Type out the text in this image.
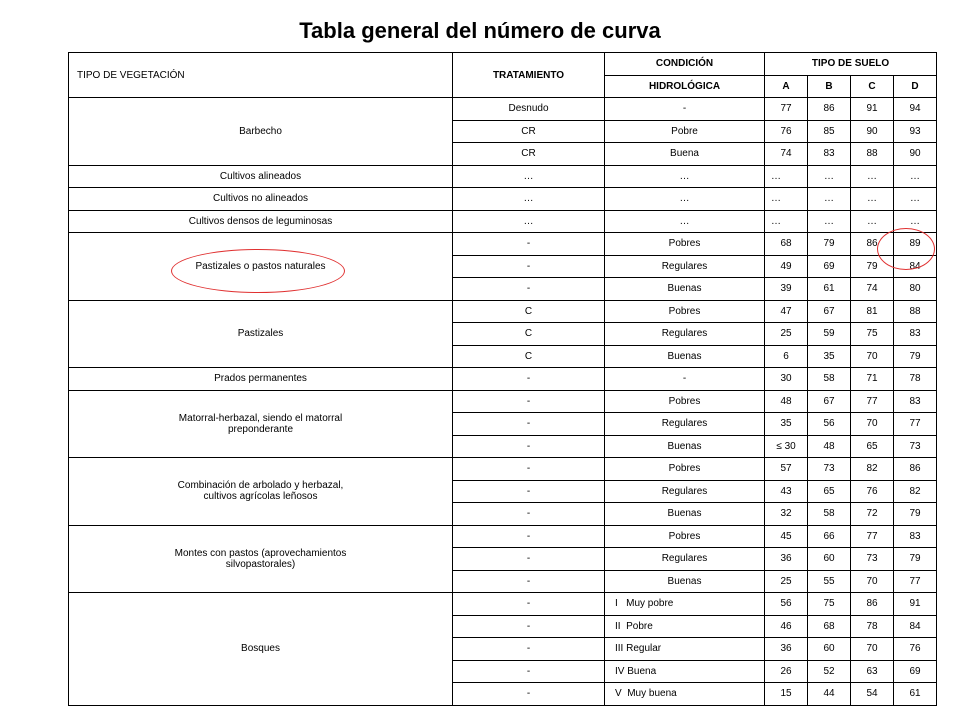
Tabla general del número de curva
TIPO DE VEGETACIÓN	TRATAMIENTO	CONDICIÓN	TIPO DE SUELO			
		HIDROLÓGICA	A	B	C	D
Barbecho	Desnudo	-	77	86	91	94
	CR	Pobre	76	85	90	93
	CR	Buena	74	83	88	90
Cultivos alineados	…	…	…	…	…	…
Cultivos no alineados	…	…	…	…	…	…
Cultivos densos de leguminosas	…	…	…	…	…	…
Pastizales o pastos naturales	-	Pobres	68	79	86	89
	-	Regulares	49	69	79	84
	-	Buenas	39	61	74	80
Pastizales	C	Pobres	47	67	81	88
	C	Regulares	25	59	75	83
	C	Buenas	6	35	70	79
Prados permanentes	-	-	30	58	71	78
Matorral-herbazal, siendo el matorral preponderante	-	Pobres	48	67	77	83
	-	Regulares	35	56	70	77
	-	Buenas	≤ 30	48	65	73
Combinación de arbolado y herbazal, cultivos agrícolas leñosos	-	Pobres	57	73	82	86
	-	Regulares	43	65	76	82
	-	Buenas	32	58	72	79
Montes con pastos (aprovechamientos silvopastorales)	-	Pobres	45	66	77	83
	-	Regulares	36	60	73	79
	-	Buenas	25	55	70	77
Bosques	-	I   Muy pobre	56	75	86	91
	-	II  Pobre	46	68	78	84
	-	III Regular	36	60	70	76
	-	IV Buena	26	52	63	69
	-	V  Muy buena	15	44	54	61
